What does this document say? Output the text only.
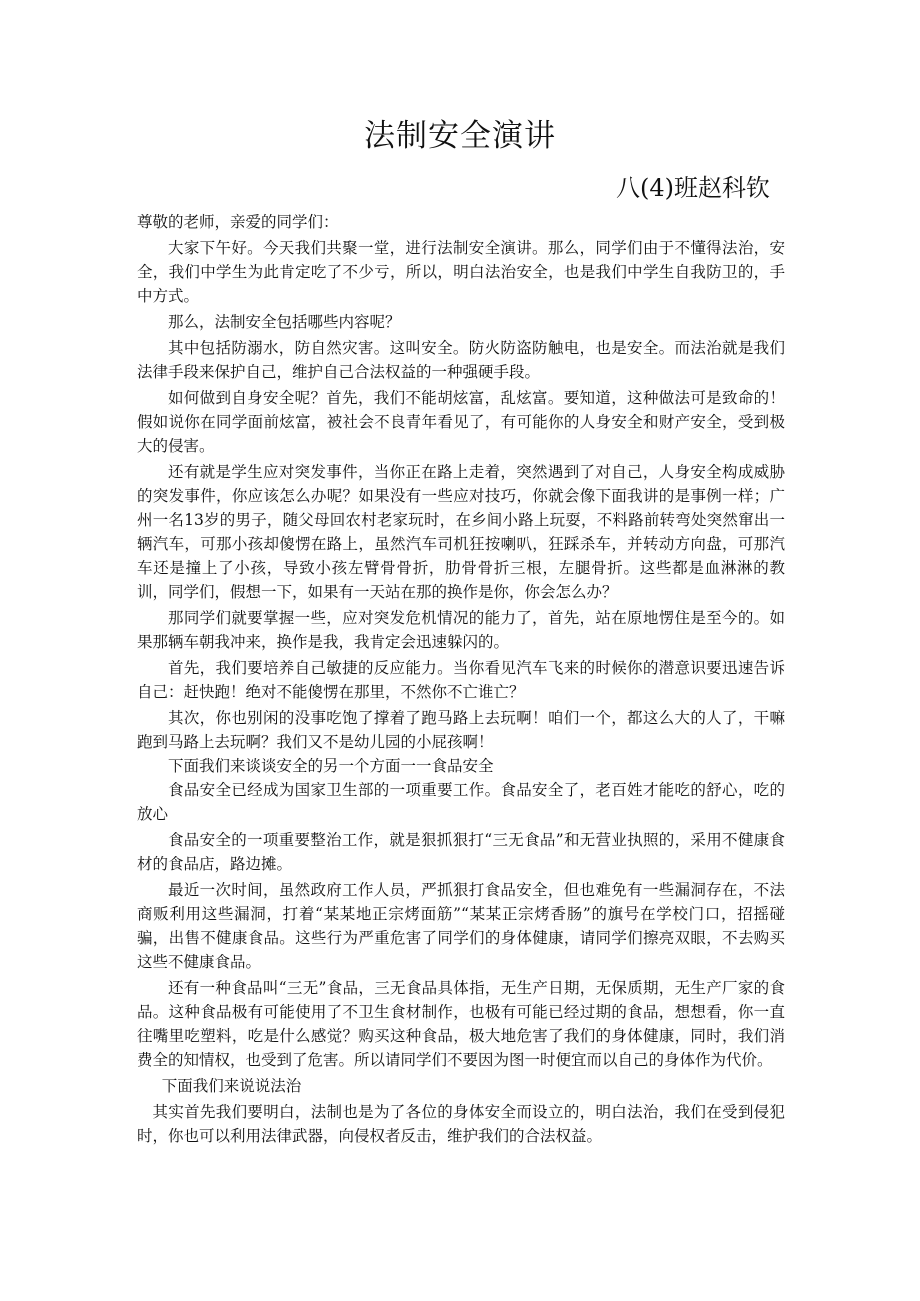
法制安全演讲

八(4)班赵科钦

尊敬的老师，亲爱的同学们：

大家下午好。今天我们共聚一堂，进行法制安全演讲。那么，同学们由于不懂得法治，安全，我们中学生为此肯定吃了不少亏，所以，明白法治安全，也是我们中学生自我防卫的，手中方式。

那么，法制安全包括哪些内容呢？

其中包括防溺水，防自然灾害。这叫安全。防火防盗防触电，也是安全。而法治就是我们法律手段来保护自己，维护自己合法权益的一种强硬手段。

如何做到自身安全呢？首先，我们不能胡炫富，乱炫富。要知道，这种做法可是致命的！假如说你在同学面前炫富，被社会不良青年看见了，有可能你的人身安全和财产安全，受到极大的侵害。

还有就是学生应对突发事件，当你正在路上走着，突然遇到了对自己，人身安全构成威胁的突发事件，你应该怎么办呢？如果没有一些应对技巧，你就会像下面我讲的是事例一样；广州一名13岁的男子，随父母回农村老家玩时，在乡间小路上玩耍，不料路前转弯处突然窜出一辆汽车，可那小孩却傻愣在路上，虽然汽车司机狂按喇叭，狂踩杀车，并转动方向盘，可那汽车还是撞上了小孩，导致小孩左臂骨骨折，肋骨骨折三根，左腿骨折。这些都是血淋淋的教训，同学们，假想一下，如果有一天站在那的换作是你，你会怎么办？

那同学们就要掌握一些，应对突发危机情况的能力了，首先，站在原地愣住是至今的。如果那辆车朝我冲来，换作是我，我肯定会迅速躲闪的。

首先，我们要培养自己敏捷的反应能力。当你看见汽车飞来的时候你的潜意识要迅速告诉自己：赶快跑！绝对不能傻愣在那里，不然你不亡谁亡？

其次，你也别闲的没事吃饱了撑着了跑马路上去玩啊！咱们一个，都这么大的人了，干嘛跑到马路上去玩啊？我们又不是幼儿园的小屁孩啊！

下面我们来谈谈安全的另一个方面一一食品安全

食品安全已经成为国家卫生部的一项重要工作。食品安全了，老百姓才能吃的舒心，吃的放心

食品安全的一项重要整治工作，就是狠抓狠打“三无食品”和无营业执照的，采用不健康食材的食品店，路边摊。

最近一次时间，虽然政府工作人员，严抓狠打食品安全，但也难免有一些漏洞存在，不法商贩利用这些漏洞，打着“某某地正宗烤面筋”“某某正宗烤香肠”的旗号在学校门口，招摇碰骗，出售不健康食品。这些行为严重危害了同学们的身体健康，请同学们擦亮双眼，不去购买这些不健康食品。

还有一种食品叫“三无”食品，三无食品具体指，无生产日期，无保质期，无生产厂家的食品。这种食品极有可能使用了不卫生食材制作，也极有可能已经过期的食品，想想看，你一直往嘴里吃塑料，吃是什么感觉？购买这种食品，极大地危害了我们的身体健康，同时，我们消费全的知情权，也受到了危害。所以请同学们不要因为图一时便宜而以自己的身体作为代价。

下面我们来说说法治

其实首先我们要明白，法制也是为了各位的身体安全而设立的，明白法治，我们在受到侵犯时，你也可以利用法律武器，向侵权者反击，维护我们的合法权益。
